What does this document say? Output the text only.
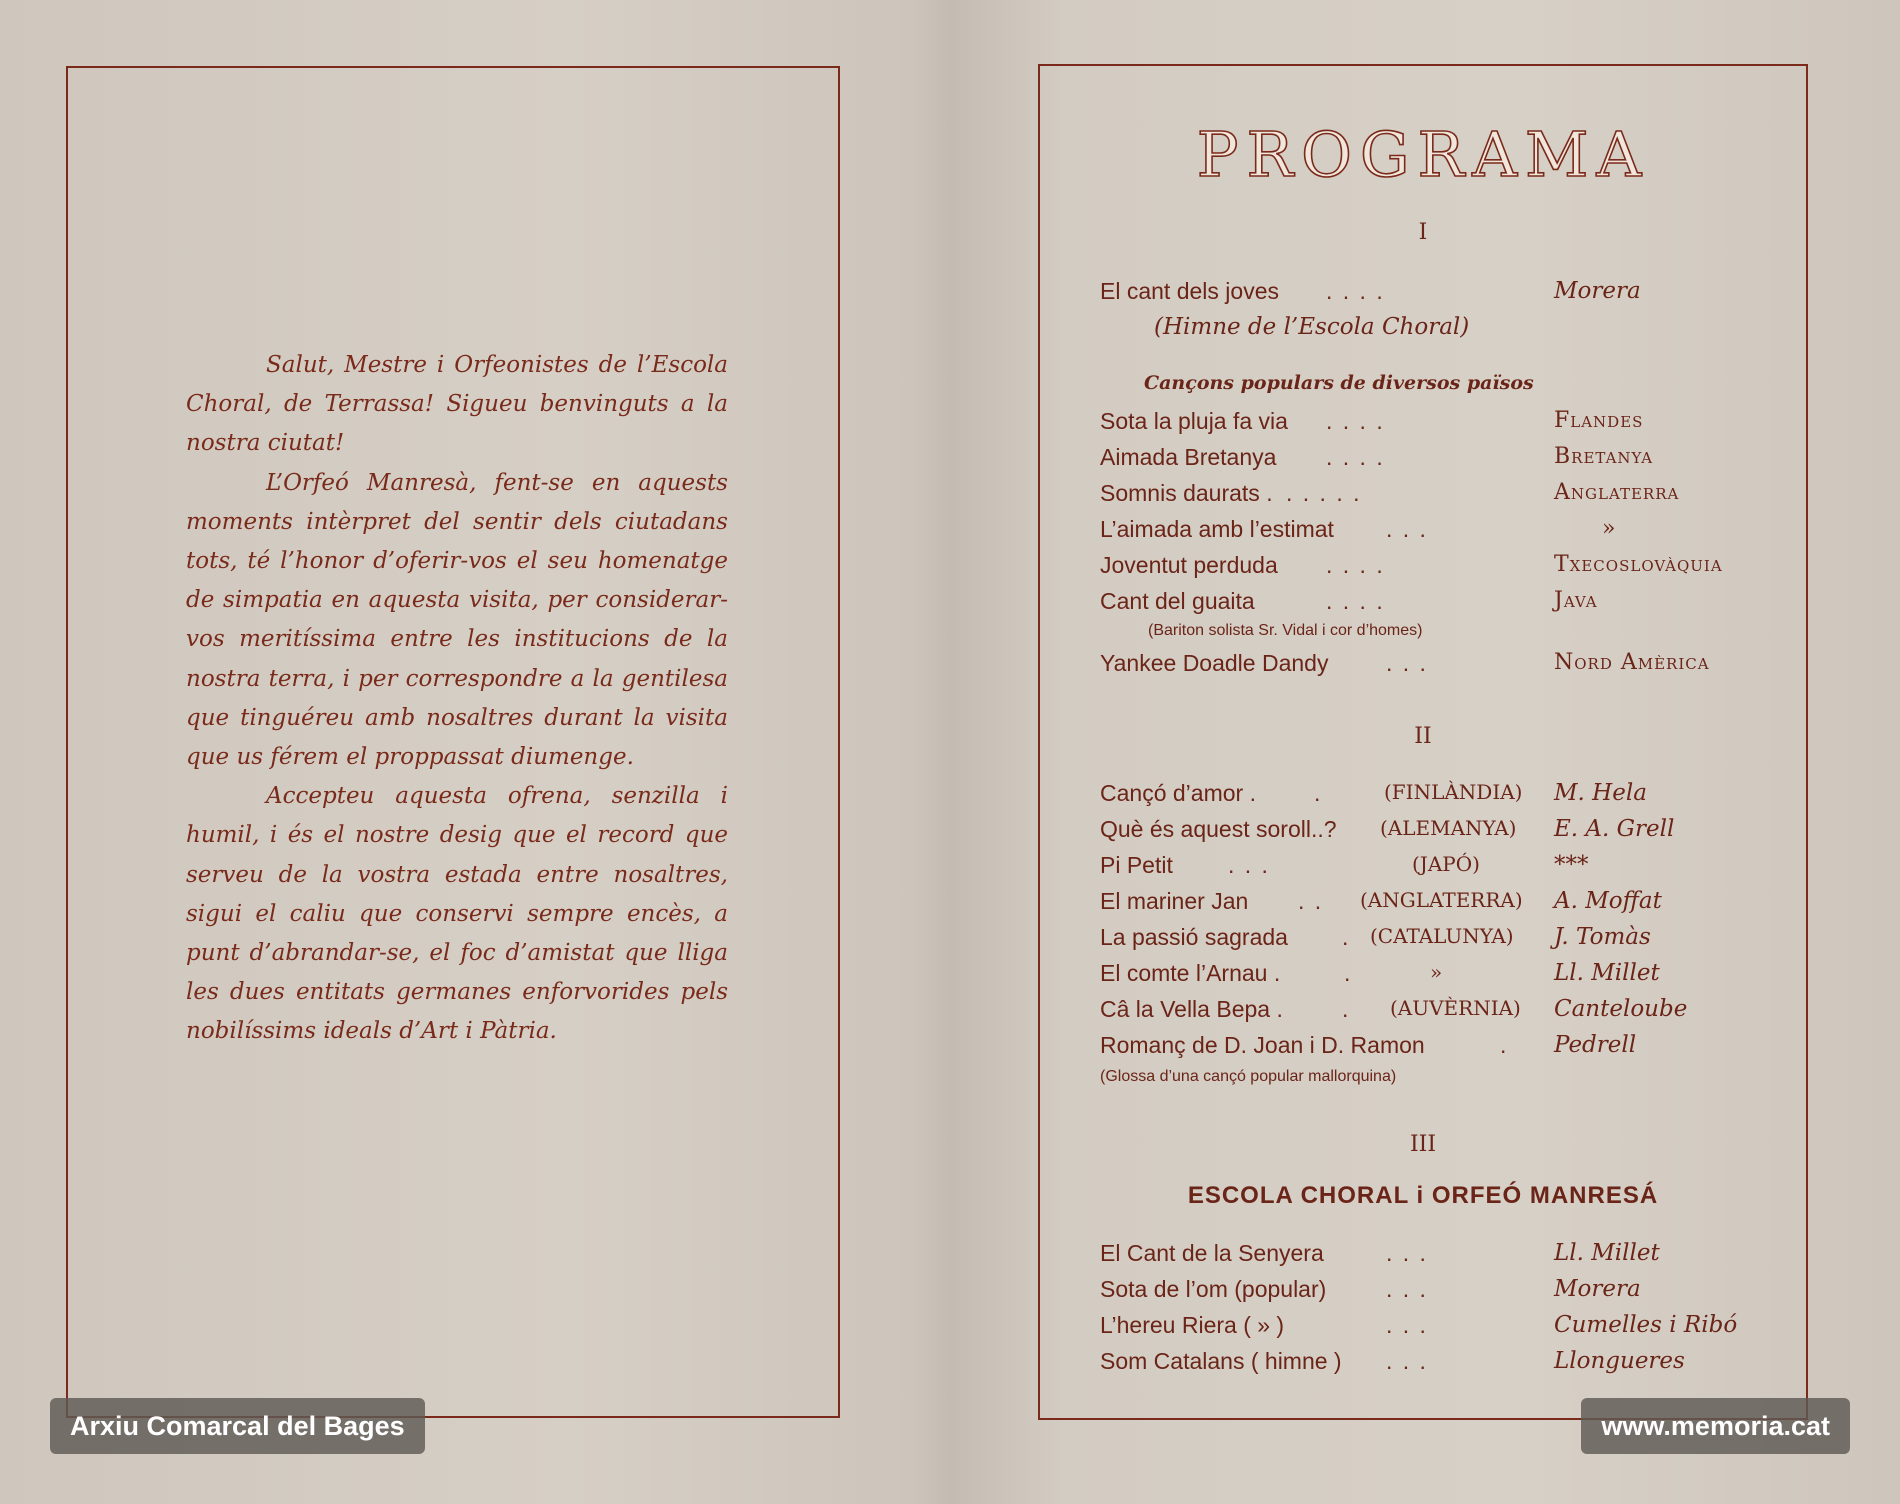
Salut, Mestre i Orfeonistes de l’Escola Choral, de Terrassa! Sigueu benvinguts a la nostra ciutat!

L’Orfeó Manresà, fent-se en aquests moments intèrpret del sentir dels ciutadans tots, té l’honor d’oferir-vos el seu homenatge de simpatia en aquesta visita, per considerar-vos meritíssima entre les institucions de la nostra terra, i per correspondre a la gentilesa que tinguéreu amb nosaltres durant la visita que us férem el proppassat diumenge.

Accepteu aquesta ofrena, senzilla i humil, i és el nostre desig que el record que serveu de la vostra estada entre nosaltres, sigui el caliu que conservi sempre encès, a punt d’abrandar-se, el foc d’amistat que lliga les dues entitats germanes enforvorides pels nobilíssims ideals d’Art i Pàtria.

PROGRAMA
I
El cant dels joves . . . .	Morera
(Himne de l’Escola Choral)
Cançons populars de diversos països
Sota la pluja fa via . . . .	Flandes
Aimada Bretanya . . . .	Bretanya
Somnis daurats . . . . . .	Anglaterra
L’aimada amb l’estimat . . .	»
Joventut perduda . . . .	Txecoslovàquia
Cant del guaita	. . . .	Java
(Bariton solista Sr. Vidal i cor d’homes)
Yankee Doadle Dandy	. . .	Nord Amèrica
II
Cançó d’amor .	.	(FINLÀNDIA) M. Hela
Què és aquest soroll..? (ALEMANYA) E. A. Grell
Pi Petit . . .	(JAPÓ)	***
El mariner Jan . . (ANGLATERRA) A. Moffat
La passió sagrada . (CATALUNYA) J. Tomàs
El comte l’Arnau .	.	»	Ll. Millet
Câ la Vella Bepa .	. (AUVÈRNIA) Canteloube
Romanç de D. Joan i D. Ramon	. Pedrell
(Glossa d’una cançó popular mallorquina)
III
ESCOLA CHORAL i ORFEÓ MANRESÁ
El Cant de la Senyera	. . .	Ll. Millet
Sota de l’om (popular)	. . .	Morera
L’hereu Riera ( » )	. . .	Cumelles i Ribó
Som Catalans ( himne ) . . .	Llongueres
Arxiu Comarcal del Bages	www.memoria.cat
